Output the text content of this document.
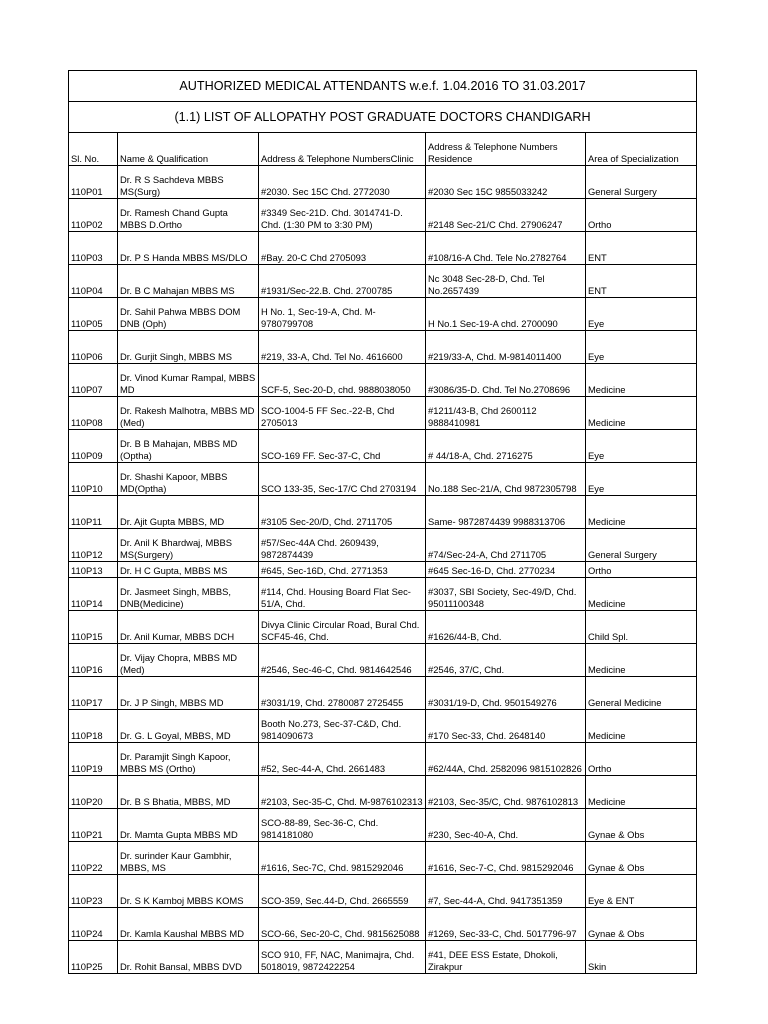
AUTHORIZED MEDICAL ATTENDANTS w.e.f. 1.04.2016 TO 31.03.2017				
(1.1) LIST OF ALLOPATHY POST GRADUATE DOCTORS CHANDIGARH				
Sl. No.	Name & Qualification	Address & Telephone NumbersClinic	Address & Telephone Numbers Residence	Area of Specialization
110P01	Dr. R S Sachdeva MBBS MS(Surg)	#2030. Sec 15C Chd. 2772030	#2030 Sec 15C 9855033242	General Surgery
110P02	Dr. Ramesh Chand Gupta MBBS D.Ortho	#3349 Sec-21D. Chd. 3014741-D. Chd. (1:30 PM to 3:30 PM)	#2148 Sec-21/C Chd. 27906247	Ortho
110P03	Dr. P S Handa MBBS MS/DLO	#Bay. 20-C Chd 2705093	#108/16-A Chd. Tele No.2782764	ENT
110P04	Dr. B C Mahajan MBBS MS	#1931/Sec-22.B. Chd. 2700785	Nc 3048 Sec-28-D, Chd. Tel No.2657439	ENT
110P05	Dr. Sahil Pahwa MBBS DOM DNB (Oph)	H No. 1, Sec-19-A, Chd. M-9780799708	H No.1 Sec-19-A chd. 2700090	Eye
110P06	Dr. Gurjit Singh, MBBS MS	#219, 33-A, Chd. Tel No. 4616600	#219/33-A, Chd. M-9814011400	Eye
110P07	Dr. Vinod Kumar Rampal, MBBS MD	SCF-5, Sec-20-D, chd. 9888038050	#3086/35-D. Chd. Tel No.2708696	Medicine
110P08	Dr. Rakesh Malhotra, MBBS MD (Med)	SCO-1004-5 FF Sec.-22-B, Chd 2705013	#1211/43-B, Chd 2600112 9888410981	Medicine
110P09	Dr. B B Mahajan, MBBS MD (Optha)	SCO-169 FF. Sec-37-C, Chd	# 44/18-A, Chd. 2716275	Eye
110P10	Dr. Shashi Kapoor, MBBS MD(Optha)	SCO 133-35, Sec-17/C Chd 2703194	No.188 Sec-21/A, Chd 9872305798	Eye
110P11	Dr. Ajit Gupta MBBS, MD	#3105 Sec-20/D, Chd. 2711705	Same- 9872874439 9988313706	Medicine
110P12	Dr. Anil K Bhardwaj, MBBS MS(Surgery)	#57/Sec-44A Chd. 2609439, 9872874439	#74/Sec-24-A, Chd 2711705	General Surgery
110P13	Dr. H C Gupta, MBBS MS	#645, Sec-16D, Chd. 2771353	#645 Sec-16-D, Chd. 2770234	Ortho
110P14	Dr. Jasmeet Singh, MBBS, DNB(Medicine)	#114, Chd. Housing Board Flat Sec-51/A, Chd.	#3037, SBI Society, Sec-49/D, Chd. 95011100348	Medicine
110P15	Dr. Anil Kumar, MBBS DCH	Divya Clinic Circular Road, Bural Chd. SCF45-46, Chd.	#1626/44-B, Chd.	Child Spl.
110P16	Dr. Vijay Chopra, MBBS MD (Med)	#2546, Sec-46-C, Chd. 9814642546	#2546, 37/C, Chd.	Medicine
110P17	Dr. J P Singh, MBBS MD	#3031/19, Chd. 2780087 2725455	#3031/19-D, Chd. 9501549276	General Medicine
110P18	Dr. G. L Goyal, MBBS, MD	Booth No.273, Sec-37-C&D, Chd. 9814090673	#170 Sec-33, Chd. 2648140	Medicine
110P19	Dr. Paramjit Singh Kapoor, MBBS MS (Ortho)	#52, Sec-44-A, Chd. 2661483	#62/44A, Chd. 2582096 9815102826	Ortho
110P20	Dr. B S Bhatia, MBBS, MD	#2103, Sec-35-C, Chd. M-9876102313	#2103, Sec-35/C, Chd. 9876102813	Medicine
110P21	Dr. Mamta Gupta MBBS MD	SCO-88-89, Sec-36-C, Chd. 9814181080	#230, Sec-40-A, Chd.	Gynae & Obs
110P22	Dr. surinder Kaur Gambhir, MBBS, MS	#1616, Sec-7C, Chd. 9815292046	#1616, Sec-7-C, Chd. 9815292046	Gynae & Obs
110P23	Dr. S K Kamboj MBBS KOMS	SCO-359, Sec.44-D, Chd. 2665559	#7, Sec-44-A, Chd. 9417351359	Eye & ENT
110P24	Dr. Kamla Kaushal MBBS MD	SCO-66, Sec-20-C, Chd. 9815625088	#1269, Sec-33-C, Chd. 5017796-97	Gynae & Obs
110P25	Dr. Rohit Bansal, MBBS DVD	SCO 910, FF, NAC, Manimajra, Chd. 5018019, 9872422254	#41, DEE ESS Estate, Dhokoli, Zirakpur	Skin
